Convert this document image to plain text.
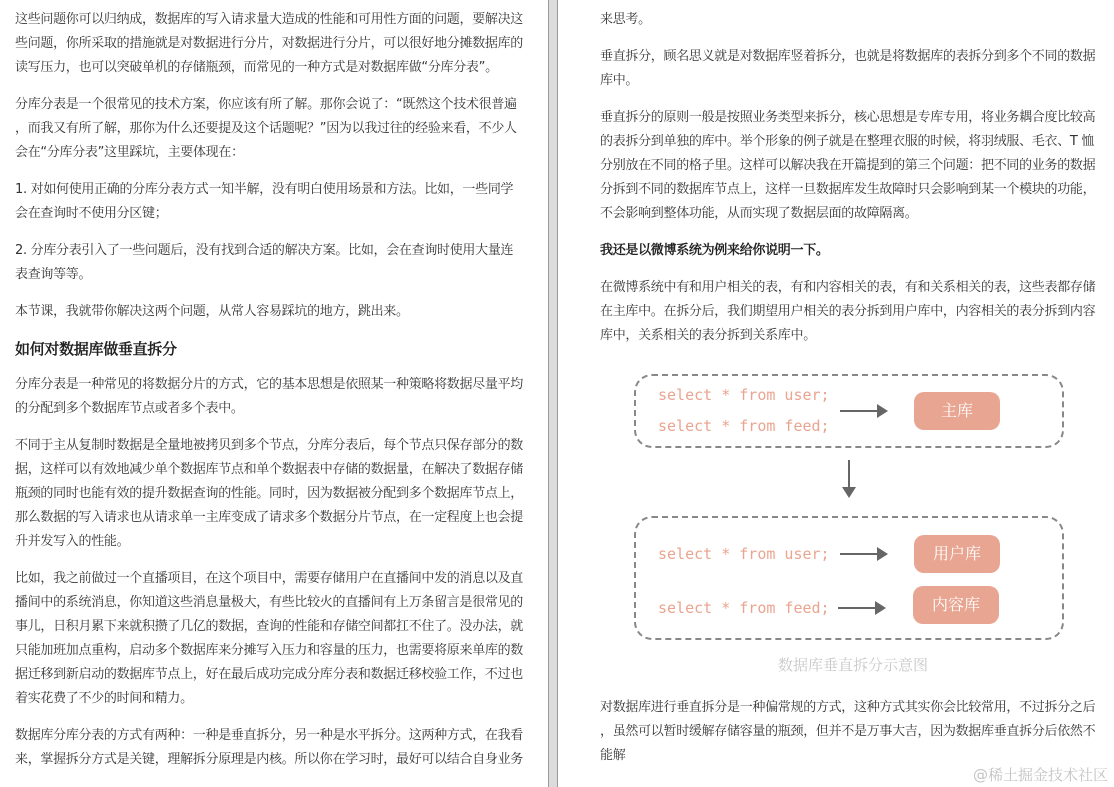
这些问题你可以归纳成，数据库的写入请求量大造成的性能和可用性方面的问题，要解决这些问题，你所采取的措施就是对数据进行分片，对数据进行分片，可以很好地分摊数据库的读写压力，也可以突破单机的存储瓶颈，而常见的一种方式是对数据库做“分库分表”。

分库分表是一个很常见的技术方案，你应该有所了解。那你会说了：“既然这个技术很普遍，而我又有所了解，那你为什么还要提及这个话题呢？”因为以我过往的经验来看，不少人会在“分库分表”这里踩坑，主要体现在：

1. 对如何使用正确的分库分表方式一知半解，没有明白使用场景和方法。比如，一些同学会在查询时不使用分区键；

2. 分库分表引入了一些问题后，没有找到合适的解决方案。比如，会在查询时使用大量连表查询等等。

本节课，我就带你解决这两个问题，从常人容易踩坑的地方，跳出来。

如何对数据库做垂直拆分

分库分表是一种常见的将数据分片的方式，它的基本思想是依照某一种策略将数据尽量平均的分配到多个数据库节点或者多个表中。

不同于主从复制时数据是全量地被拷贝到多个节点，分库分表后，每个节点只保存部分的数据，这样可以有效地减少单个数据库节点和单个数据表中存储的数据量，在解决了数据存储瓶颈的同时也能有效的提升数据查询的性能。同时，因为数据被分配到多个数据库节点上，那么数据的写入请求也从请求单一主库变成了请求多个数据分片节点，在一定程度上也会提升并发写入的性能。

比如，我之前做过一个直播项目，在这个项目中，需要存储用户在直播间中发的消息以及直播间中的系统消息，你知道这些消息量极大，有些比较火的直播间有上万条留言是很常见的事儿，日积月累下来就积攒了几亿的数据，查询的性能和存储空间都扛不住了。没办法，就只能加班加点重构，启动多个数据库来分摊写入压力和容量的压力，也需要将原来单库的数据迁移到新启动的数据库节点上，好在最后成功完成分库分表和数据迁移校验工作，不过也着实花费了不少的时间和精力。

数据库分库分表的方式有两种：一种是垂直拆分，另一种是水平拆分。这两种方式，在我看来，掌握拆分方式是关键，理解拆分原理是内核。所以你在学习时，最好可以结合自身业务

来思考。

垂直拆分，顾名思义就是对数据库竖着拆分，也就是将数据库的表拆分到多个不同的数据库中。

垂直拆分的原则一般是按照业务类型来拆分，核心思想是专库专用，将业务耦合度比较高的表拆分到单独的库中。举个形象的例子就是在整理衣服的时候，将羽绒服、毛衣、T 恤分别放在不同的格子里。这样可以解决我在开篇提到的第三个问题：把不同的业务的数据分拆到不同的数据库节点上，这样一旦数据库发生故障时只会影响到某一个模块的功能，不会影响到整体功能，从而实现了数据层面的故障隔离。

我还是以微博系统为例来给你说明一下。

在微博系统中有和用户相关的表，有和内容相关的表，有和关系相关的表，这些表都存储在主库中。在拆分后，我们期望用户相关的表分拆到用户库中，内容相关的表分拆到内容库中，关系相关的表分拆到关系库中。

select * from user;
select * from feed;
主库
select * from user;
select * from feed;
用户库
内容库
数据库垂直拆分示意图

对数据库进行垂直拆分是一种偏常规的方式，这种方式其实你会比较常用，不过拆分之后，虽然可以暂时缓解存储容量的瓶颈，但并不是万事大吉，因为数据库垂直拆分后依然不能解

@稀土掘金技术社区
